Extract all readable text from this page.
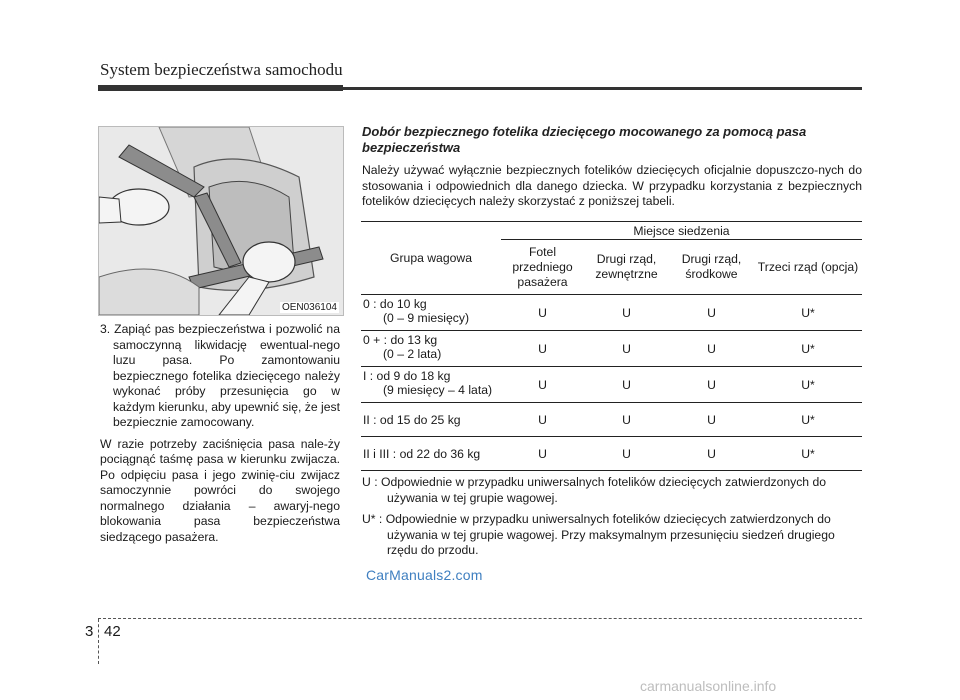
System bezpieczeństwa samochodu
OEN036104
3. Zapiąć pas bezpieczeństwa i pozwolić na samoczynną likwidację ewentual-nego luzu pasa. Po zamontowaniu bezpiecznego fotelika dziecięcego należy wykonać próby przesunięcia go w każdym kierunku, aby upewnić się, że jest bezpiecznie zamocowany.
W razie potrzeby zaciśnięcia pasa nale-ży pociągnąć taśmę pasa w kierunku zwijacza. Po odpięciu pasa i jego zwinię-ciu zwijacz samoczynnie powróci do swojego normalnego działania – awaryj-nego blokowania pasa bezpieczeństwa siedzącego pasażera.
Dobór bezpiecznego fotelika dziecięcego mocowanego za pomocą pasa bezpieczeństwa
Należy używać wyłącznie bezpiecznych fotelików dziecięcych oficjalnie dopuszczo-nych do stosowania i odpowiednich dla danego dziecka. W przypadku korzystania z bezpiecznych fotelików dziecięcych należy skorzystać z poniższej tabeli.
Grupa wagowa	Miejsce siedzenia			
	Fotel przedniego pasażera	Drugi rząd, zewnętrzne	Drugi rząd, środkowe	Trzeci rząd (opcja)
0 : do 10 kg
(0 – 9 miesięcy)	U	U	U	U*
0 + : do 13 kg
(0 – 2 lata)	U	U	U	U*
I : od 9 do 18 kg
(9 miesięcy – 4 lata)	U	U	U	U*
II : od 15 do 25 kg	U	U	U	U*
II i III : od 22 do 36 kg	U	U	U	U*
U : Odpowiednie w przypadku uniwersalnych fotelików dziecięcych zatwierdzonych do używania w tej grupie wagowej.
U* : Odpowiednie w przypadku uniwersalnych fotelików dziecięcych zatwierdzonych do używania w tej grupie wagowej. Przy maksymalnym przesunięciu siedzeń drugiego rzędu do przodu.
CarManuals2.com
3 42
carmanualsonline.info
